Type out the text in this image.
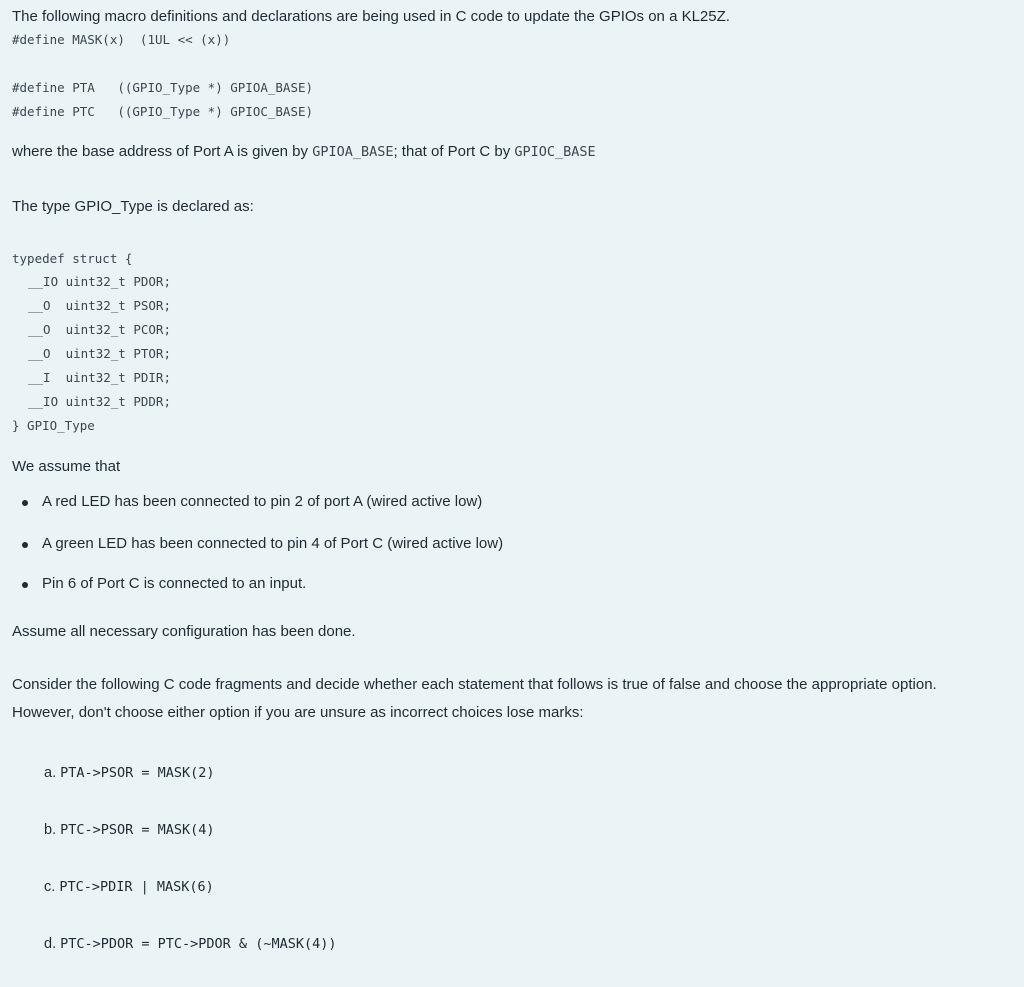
The following macro definitions and declarations are being used in C code to update the GPIOs on a KL25Z.
#define MASK(x)  (1UL << (x))
#define PTA   ((GPIO_Type *) GPIOA_BASE)
#define PTC   ((GPIO_Type *) GPIOC_BASE)
where the base address of Port A is given by GPIOA_BASE; that of Port C by GPIOC_BASE
The type GPIO_Type is declared as:
typedef struct {
__IO uint32_t PDOR;
__O  uint32_t PSOR;
__O  uint32_t PCOR;
__O  uint32_t PTOR;
__I  uint32_t PDIR;
__IO uint32_t PDDR;
} GPIO_Type
We assume that
A red LED has been connected to pin 2 of port A (wired active low)
A green LED has been connected to pin 4 of Port C (wired active low)
Pin 6 of Port C is connected to an input.
Assume all necessary configuration has been done.
Consider the following C code fragments and decide whether each statement that follows is true of false and choose the appropriate option.
However, don't choose either option if you are unsure as incorrect choices lose marks:
a. PTA->PSOR = MASK(2)
b. PTC->PSOR = MASK(4)
c. PTC->PDIR | MASK(6)
d. PTC->PDOR = PTC->PDOR & (~MASK(4))
